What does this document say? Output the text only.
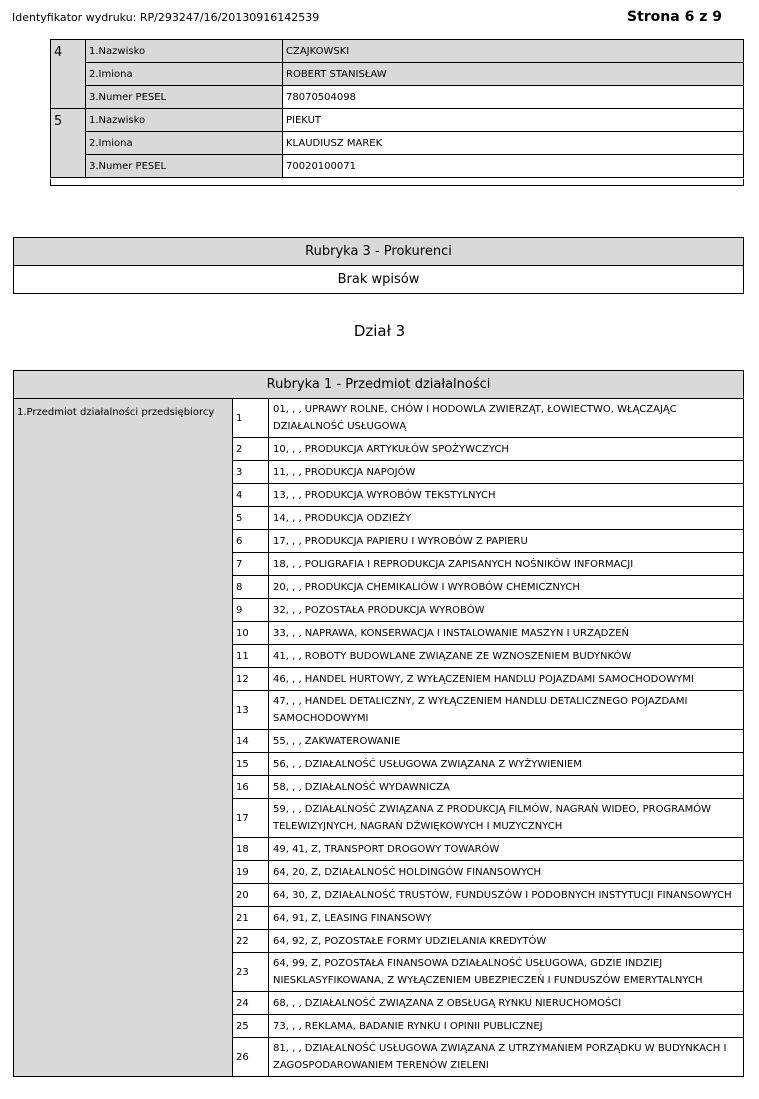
Identyfikator wydruku: RP/293247/16/20130916142539	Strona 6 z 9
4	1.Nazwisko	CZAJKOWSKI
	2.Imiona	ROBERT STANISŁAW
	3.Numer PESEL	78070504098
5	1.Nazwisko	PIEKUT
	2.Imiona	KLAUDIUSZ MAREK
	3.Numer PESEL	70020100071
Rubryka 3 - Prokurenci
Brak wpisów
Dział 3
Rubryka 1 - Przedmiot działalności		
1.Przedmiot działalności przedsiębiorcy	1	01, , , UPRAWY ROLNE, CHÓW I HODOWLA ZWIERZĄT, ŁOWIECTWO, WŁĄCZAJĄC DZIAŁALNOŚĆ USŁUGOWĄ
	2	10, , , PRODUKCJA ARTYKUŁÓW SPOŻYWCZYCH
	3	11, , , PRODUKCJA NAPOJÓW
	4	13, , , PRODUKCJA WYROBÓW TEKSTYLNYCH
	5	14, , , PRODUKCJA ODZIEŻY
	6	17, , , PRODUKCJA PAPIERU I WYROBÓW Z PAPIERU
	7	18, , , POLIGRAFIA I REPRODUKCJA ZAPISANYCH NOŚNIKÓW INFORMACJI
	8	20, , , PRODUKCJA CHEMIKALIÓW I WYROBÓW CHEMICZNYCH
	9	32, , , POZOSTAŁA PRODUKCJA WYROBÓW
	10	33, , , NAPRAWA, KONSERWACJA I INSTALOWANIE MASZYN I URZĄDZEŃ
	11	41, , , ROBOTY BUDOWLANE ZWIĄZANE ZE WZNOSZENIEM BUDYNKÓW
	12	46, , , HANDEL HURTOWY, Z WYŁĄCZENIEM HANDLU POJAZDAMI SAMOCHODOWYMI
	13	47, , , HANDEL DETALICZNY, Z WYŁĄCZENIEM HANDLU DETALICZNEGO POJAZDAMI SAMOCHODOWYMI
	14	55, , , ZAKWATEROWANIE
	15	56, , , DZIAŁALNOŚĆ USŁUGOWA ZWIĄZANA Z WYŻYWIENIEM
	16	58, , , DZIAŁALNOŚĆ WYDAWNICZA
	17	59, , , DZIAŁALNOŚĆ ZWIĄZANA Z PRODUKCJĄ FILMÓW, NAGRAŃ WIDEO, PROGRAMÓW TELEWIZYJNYCH, NAGRAŃ DŹWIĘKOWYCH I MUZYCZNYCH
	18	49, 41, Z, TRANSPORT DROGOWY TOWARÓW
	19	64, 20, Z, DZIAŁALNOŚĆ HOLDINGÓW FINANSOWYCH
	20	64, 30, Z, DZIAŁALNOŚĆ TRUSTÓW, FUNDUSZÓW I PODOBNYCH INSTYTUCJI FINANSOWYCH
	21	64, 91, Z, LEASING FINANSOWY
	22	64, 92, Z, POZOSTAŁE FORMY UDZIELANIA KREDYTÓW
	23	64, 99, Z, POZOSTAŁA FINANSOWA DZIAŁALNOŚĆ USŁUGOWA, GDZIE INDZIEJ NIESKLASYFIKOWANA, Z WYŁĄCZENIEM UBEZPIECZEŃ I FUNDUSZÓW EMERYTALNYCH
	24	68, , , DZIAŁALNOŚĆ ZWIĄZANA Z OBSŁUGĄ RYNKU NIERUCHOMOŚCI
	25	73, , , REKLAMA, BADANIE RYNKU I OPINII PUBLICZNEJ
	26	81, , , DZIAŁALNOŚĆ USŁUGOWA ZWIĄZANA Z UTRZYMANIEM PORZĄDKU W BUDYNKACH I ZAGOSPODAROWANIEM TERENÓW ZIELENI
